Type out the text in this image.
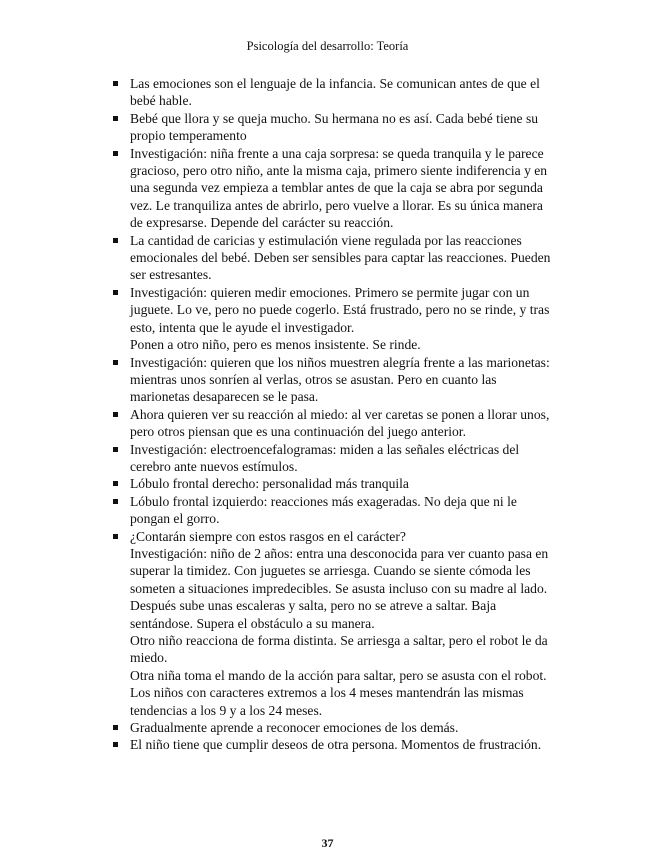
Psicología del desarrollo: Teoría
Las emociones son el lenguaje de la infancia. Se comunican antes de que el bebé hable.
Bebé que llora y se queja mucho. Su hermana no es así. Cada bebé tiene su propio temperamento
Investigación: niña frente a una caja sorpresa: se queda tranquila y le parece gracioso, pero otro niño, ante la misma caja, primero siente indiferencia y en una segunda vez empieza a temblar antes de que la caja se abra por segunda vez. Le tranquiliza antes de abrirlo, pero vuelve a llorar. Es su única manera de expresarse. Depende del carácter su reacción.
La cantidad de caricias y estimulación viene regulada por las reacciones emocionales del bebé. Deben ser sensibles para captar las reacciones. Pueden ser estresantes.
Investigación: quieren medir emociones. Primero se permite jugar con un juguete. Lo ve, pero no puede cogerlo. Está frustrado, pero no se rinde, y tras esto, intenta que le ayude el investigador.
Ponen a otro niño, pero es menos insistente. Se rinde.
Investigación: quieren que los niños muestren alegría frente a las marionetas: mientras unos sonríen al verlas, otros se asustan. Pero en cuanto las marionetas desaparecen se le pasa.
Ahora quieren ver su reacción al miedo: al ver caretas se ponen a llorar unos, pero otros piensan que es una continuación del juego anterior.
Investigación: electroencefalogramas: miden a las señales eléctricas del cerebro ante nuevos estímulos.
Lóbulo frontal derecho: personalidad más tranquila
Lóbulo frontal izquierdo: reacciones más exageradas. No deja que ni le pongan el gorro.
¿Contarán siempre con estos rasgos en el carácter?
Investigación: niño de 2 años: entra una desconocida para ver cuanto pasa en superar la timidez. Con juguetes se arriesga. Cuando se siente cómoda les someten a situaciones impredecibles. Se asusta incluso con su madre al lado. Después sube unas escaleras y salta, pero no se atreve a saltar. Baja sentándose. Supera el obstáculo a su manera.
Otro niño reacciona de forma distinta. Se arriesga a saltar, pero el robot le da miedo.
Otra niña toma el mando de la acción para saltar, pero se asusta con el robot.
Los niños con caracteres extremos a los 4 meses mantendrán las mismas tendencias a los 9 y a los 24 meses.
Gradualmente aprende a reconocer emociones de los demás.
El niño tiene que cumplir deseos de otra persona. Momentos de frustración.
37
